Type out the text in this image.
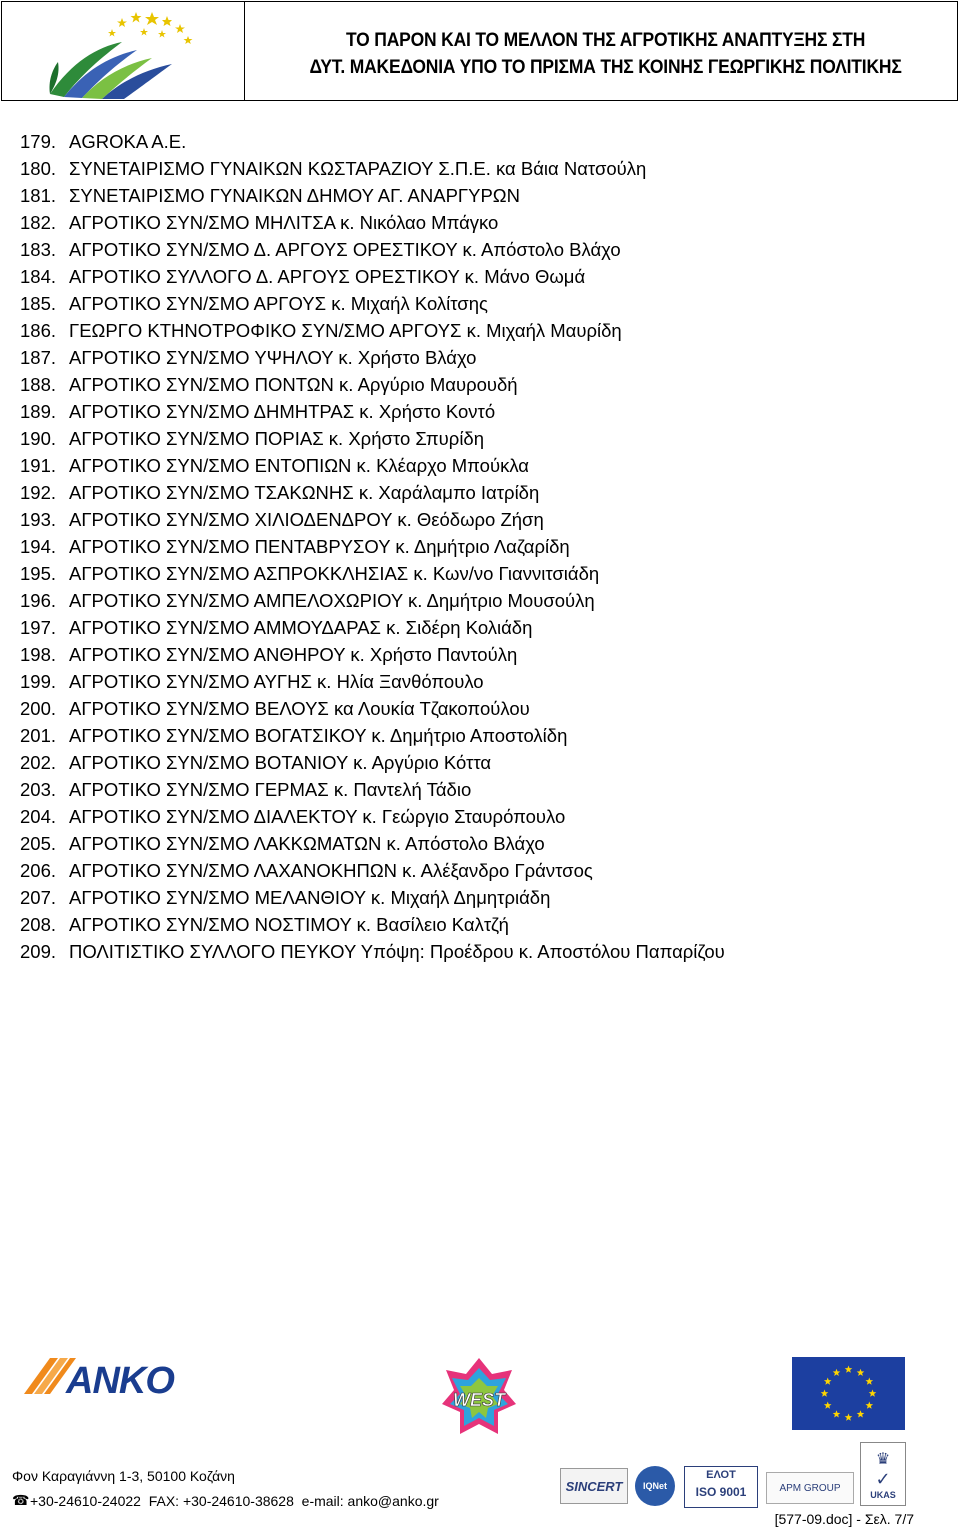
ΤΟ ΠΑΡΟΝ ΚΑΙ ΤΟ ΜΕΛΛΟΝ ΤΗΣ ΑΓΡΟΤΙΚΗΣ ΑΝΑΠΤΥΞΗΣ ΣΤΗ
ΔΥΤ. ΜΑΚΕΔΟΝΙΑ ΥΠΟ ΤΟ ΠΡΙΣΜΑ ΤΗΣ ΚΟΙΝΗΣ ΓΕΩΡΓΙΚΗΣ ΠΟΛΙΤΙΚΗΣ
179. AGROKA A.E.
180. ΣΥΝΕΤΑΙΡΙΣΜΟ ΓΥΝΑΙΚΩΝ ΚΩΣΤΑΡΑΖΙΟΥ Σ.Π.Ε. κα Βάια Νατσούλη
181. ΣΥΝΕΤΑΙΡΙΣΜΟ ΓΥΝΑΙΚΩΝ ΔΗΜΟΥ ΑΓ. ΑΝΑΡΓΥΡΩΝ
182. ΑΓΡΟΤΙΚΟ ΣΥΝ/ΣΜΟ ΜΗΛΙΤΣΑ κ. Νικόλαο Μπάγκο
183. ΑΓΡΟΤΙΚΟ ΣΥΝ/ΣΜΟ Δ. ΑΡΓΟΥΣ ΟΡΕΣΤΙΚΟΥ κ. Απόστολο Βλάχο
184. ΑΓΡΟΤΙΚΟ ΣΥΛΛΟΓΟ Δ. ΑΡΓΟΥΣ ΟΡΕΣΤΙΚΟΥ κ. Μάνο Θωμά
185. ΑΓΡΟΤΙΚΟ ΣΥΝ/ΣΜΟ ΑΡΓΟΥΣ κ. Μιχαήλ Κολίτσης
186. ΓΕΩΡΓΟ ΚΤΗΝΟΤΡΟΦΙΚΟ ΣΥΝ/ΣΜΟ ΑΡΓΟΥΣ κ. Μιχαήλ Μαυρίδη
187. ΑΓΡΟΤΙΚΟ ΣΥΝ/ΣΜΟ ΥΨΗΛΟΥ κ. Χρήστο Βλάχο
188. ΑΓΡΟΤΙΚΟ ΣΥΝ/ΣΜΟ ΠΟΝΤΩΝ κ. Αργύριο Μαυρουδή
189. ΑΓΡΟΤΙΚΟ ΣΥΝ/ΣΜΟ ΔΗΜΗΤΡΑΣ κ. Χρήστο Κοντό
190. ΑΓΡΟΤΙΚΟ ΣΥΝ/ΣΜΟ ΠΟΡΙΑΣ κ. Χρήστο Σπυρίδη
191. ΑΓΡΟΤΙΚΟ ΣΥΝ/ΣΜΟ ΕΝΤΟΠΙΩΝ κ. Κλέαρχο Μπούκλα
192. ΑΓΡΟΤΙΚΟ ΣΥΝ/ΣΜΟ ΤΣΑΚΩΝΗΣ κ. Χαράλαμπο Ιατρίδη
193. ΑΓΡΟΤΙΚΟ ΣΥΝ/ΣΜΟ ΧΙΛΙΟΔΕΝΔΡΟΥ κ. Θεόδωρο Ζήση
194. ΑΓΡΟΤΙΚΟ ΣΥΝ/ΣΜΟ ΠΕΝΤΑΒΡΥΣΟΥ κ. Δημήτριο Λαζαρίδη
195. ΑΓΡΟΤΙΚΟ ΣΥΝ/ΣΜΟ ΑΣΠΡΟΚΚΛΗΣΙΑΣ κ. Κων/νο Γιαννιτσιάδη
196. ΑΓΡΟΤΙΚΟ ΣΥΝ/ΣΜΟ ΑΜΠΕΛΟΧΩΡΙΟΥ κ. Δημήτριο Μουσούλη
197. ΑΓΡΟΤΙΚΟ ΣΥΝ/ΣΜΟ ΑΜΜΟΥΔΑΡΑΣ κ. Σιδέρη Κολιάδη
198. ΑΓΡΟΤΙΚΟ ΣΥΝ/ΣΜΟ ΑΝΘΗΡΟΥ κ. Χρήστο Παντούλη
199. ΑΓΡΟΤΙΚΟ ΣΥΝ/ΣΜΟ ΑΥΓΗΣ κ. Ηλία Ξανθόπουλο
200. ΑΓΡΟΤΙΚΟ ΣΥΝ/ΣΜΟ ΒΕΛΟΥΣ κα Λουκία Τζακοπούλου
201. ΑΓΡΟΤΙΚΟ ΣΥΝ/ΣΜΟ ΒΟΓΑΤΣΙΚΟΥ κ. Δημήτριο Αποστολίδη
202. ΑΓΡΟΤΙΚΟ ΣΥΝ/ΣΜΟ ΒΟΤΑΝΙΟΥ κ. Αργύριο Κόττα
203. ΑΓΡΟΤΙΚΟ ΣΥΝ/ΣΜΟ ΓΕΡΜΑΣ κ. Παντελή Τάδιο
204. ΑΓΡΟΤΙΚΟ ΣΥΝ/ΣΜΟ ΔΙΑΛΕΚΤΟΥ κ. Γεώργιο Σταυρόπουλο
205. ΑΓΡΟΤΙΚΟ ΣΥΝ/ΣΜΟ ΛΑΚΚΩΜΑΤΩΝ κ. Απόστολο Βλάχο
206. ΑΓΡΟΤΙΚΟ ΣΥΝ/ΣΜΟ ΛΑΧΑΝΟΚΗΠΩΝ κ. Αλέξανδρο Γράντσος
207. ΑΓΡΟΤΙΚΟ ΣΥΝ/ΣΜΟ ΜΕΛΑΝΘΙΟΥ κ. Μιχαήλ Δημητριάδη
208. ΑΓΡΟΤΙΚΟ ΣΥΝ/ΣΜΟ ΝΟΣΤΙΜΟΥ κ. Βασίλειο Καλτζή
209. ΠΟΛΙΤΙΣΤΙΚΟ ΣΥΛΛΟΓΟ ΠΕΥΚΟΥ Υπόψη: Προέδρου κ. Αποστόλου Παπαρίζου
ANKO	WEST
Φον Καραγιάννη 1-3, 50100 Κοζάνη
☎ +30-24610-24022  FAX: +30-24610-38628  e-mail: anko@anko.gr
SINCERT IQNet
ΕΛΟΤ
ISO 9001	APM GROUP
♛
✓
UKAS
[577-09.doc] - Σελ. 7/7
